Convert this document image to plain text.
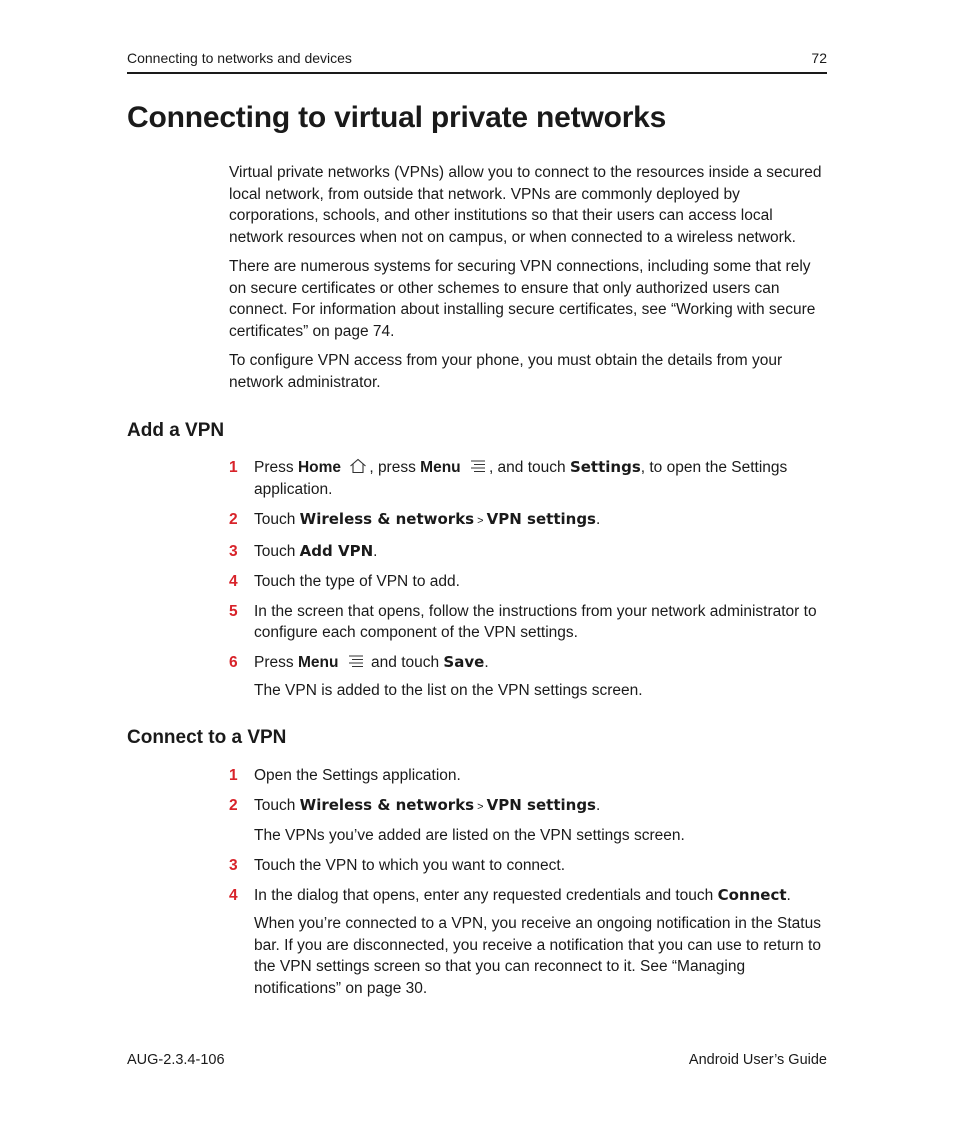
Connecting to networks and devices	72
Connecting to virtual private networks

Virtual private networks (VPNs) allow you to connect to the resources inside a secured local network, from outside that network. VPNs are commonly deployed by corporations, schools, and other institutions so that their users can access local network resources when not on campus, or when connected to a wireless network.

There are numerous systems for securing VPN connections, including some that rely on secure certificates or other schemes to ensure that only authorized users can connect. For information about installing secure certificates, see “Working with secure certificates” on page 74.

To configure VPN access from your phone, you must obtain the details from your network administrator.

Add a VPN
1 Press Home , press Menu , and touch Settings, to open the Settings application.
2 Touch Wireless & networks > VPN settings.
3 Touch Add VPN.
4 Touch the type of VPN to add.
5 In the screen that opens, follow the instructions from your network administrator to configure each component of the VPN settings.
6 Press Menu  and touch Save.
The VPN is added to the list on the VPN settings screen.
Connect to a VPN
1 Open the Settings application.
2 Touch Wireless & networks > VPN settings.
The VPNs you’ve added are listed on the VPN settings screen.
3 Touch the VPN to which you want to connect.
4 In the dialog that opens, enter any requested credentials and touch Connect.
When you’re connected to a VPN, you receive an ongoing notification in the Status bar. If you are disconnected, you receive a notification that you can use to return to the VPN settings screen so that you can reconnect to it. See “Managing notifications” on page 30.
AUG-2.3.4-106	Android User’s Guide
